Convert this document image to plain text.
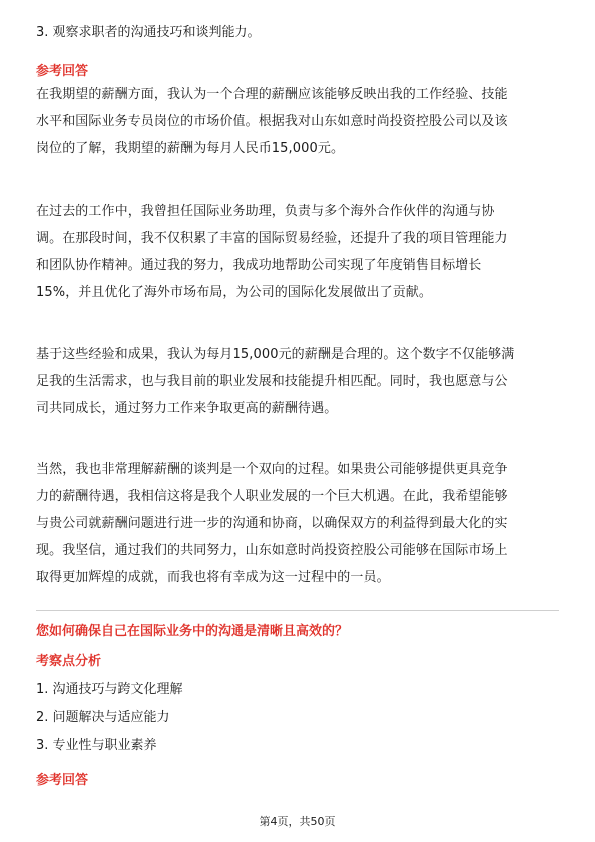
3. 观察求职者的沟通技巧和谈判能力。
参考回答
在我期望的薪酬方面，我认为一个合理的薪酬应该能够反映出我的工作经验、技能
水平和国际业务专员岗位的市场价值。根据我对山东如意时尚投资控股公司以及该
岗位的了解，我期望的薪酬为每月人民币15,000元。
在过去的工作中，我曾担任国际业务助理，负责与多个海外合作伙伴的沟通与协
调。在那段时间，我不仅积累了丰富的国际贸易经验，还提升了我的项目管理能力
和团队协作精神。通过我的努力，我成功地帮助公司实现了年度销售目标增长
15%，并且优化了海外市场布局，为公司的国际化发展做出了贡献。
基于这些经验和成果，我认为每月15,000元的薪酬是合理的。这个数字不仅能够满
足我的生活需求，也与我目前的职业发展和技能提升相匹配。同时，我也愿意与公
司共同成长，通过努力工作来争取更高的薪酬待遇。
当然，我也非常理解薪酬的谈判是一个双向的过程。如果贵公司能够提供更具竞争
力的薪酬待遇，我相信这将是我个人职业发展的一个巨大机遇。在此，我希望能够
与贵公司就薪酬问题进行进一步的沟通和协商，以确保双方的利益得到最大化的实
现。我坚信，通过我们的共同努力，山东如意时尚投资控股公司能够在国际市场上
取得更加辉煌的成就，而我也将有幸成为这一过程中的一员。
您如何确保自己在国际业务中的沟通是清晰且高效的？
考察点分析
1. 沟通技巧与跨文化理解
2. 问题解决与适应能力
3. 专业性与职业素养
参考回答
第4页，共50页
